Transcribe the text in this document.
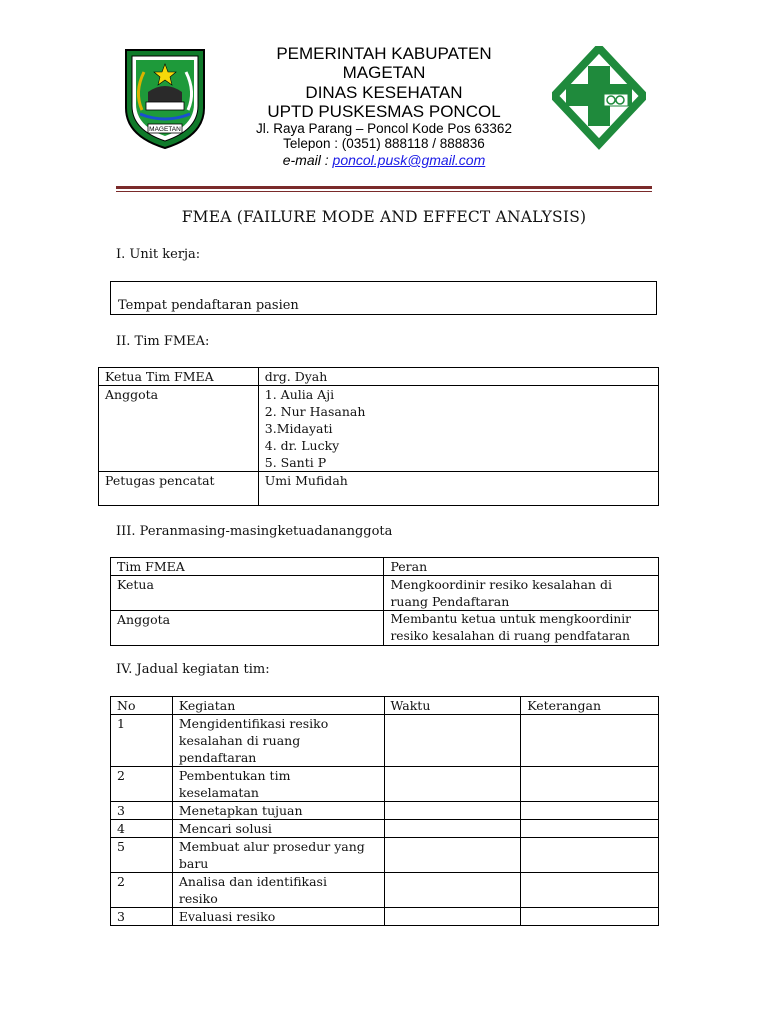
MAGETAN
PEMERINTAH KABUPATEN
MAGETAN
DINAS KESEHATAN
UPTD PUSKESMAS PONCOL
Jl. Raya Parang – Poncol Kode Pos 63362
Telepon : (0351) 888118 / 888836
e-mail : poncol.pusk@gmail.com
FMEA (FAILURE MODE AND EFFECT ANALYSIS)
I. Unit kerja:
Tempat pendaftaran pasien
II. Tim FMEA:
Ketua Tim FMEA	drg. Dyah

Anggota	1. Aulia Aji
2. Nur Hasanah
3.Midayati
4. dr. Lucky
5. Santi P

Petugas pencatat	Umi Mufidah
III. Peranmasing-masingketuadananggota
Tim FMEA	Peran
Ketua	Mengkoordinir resiko kesalahan di
ruang Pendaftaran

Anggota	Membantu ketua untuk mengkoordinir
resiko kesalahan di ruang pendfataran
IV. Jadual kegiatan tim:
No	Kegiatan	Waktu	Keterangan
1	Mengidentifikasi resiko
kesalahan di ruang
pendaftaran		

2	Pembentukan tim
keselamatan		

3	Menetapkan tujuan		

4	Mencari solusi		

5	Membuat alur prosedur yang
baru		

2	Analisa dan identifikasi
resiko		

3	Evaluasi resiko		
